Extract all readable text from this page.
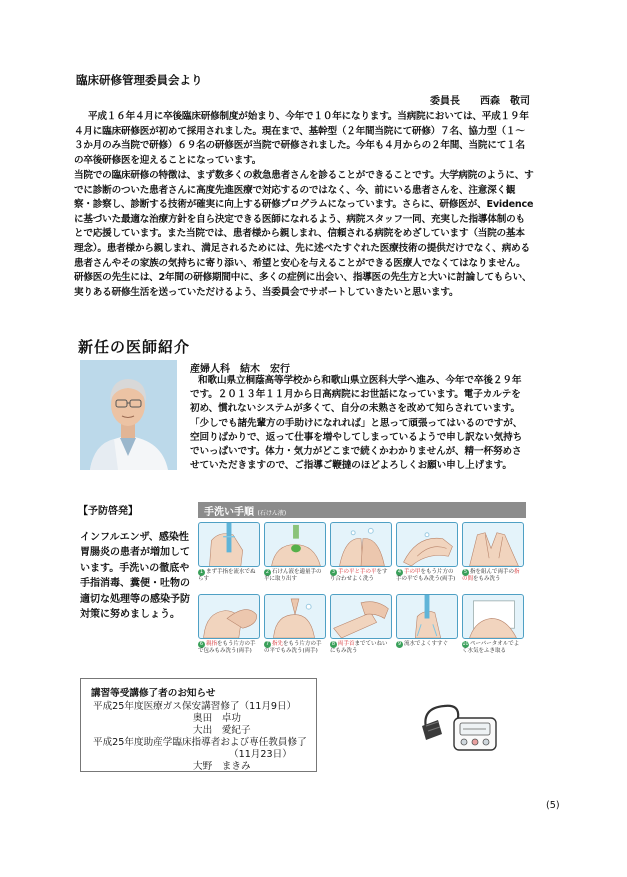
臨床研修管理委員会より
委員長 西森　敬司
平成１６年４月に卒後臨床研修制度が始まり、今年で１０年になります。当病院においては、平成１９年４月に臨床研修医が初めて採用されました。現在まで、基幹型（２年間当院にて研修）７名、協力型（１～３か月のみ当院で研修）６９名の研修医が当院で研修されました。今年も４月からの２年間、当院にて１名の卒後研修医を迎えることになっています。
当院での臨床研修の特徴は、まず数多くの救急患者さんを診ることができることです。大学病院のように、すでに診断のついた患者さんに高度先進医療で対応するのではなく、今、前にいる患者さんを、注意深く観察・診察し、診断する技術が確実に向上する研修プログラムになっています。さらに、研修医が、Evidenceに基づいた最適な治療方針を自ら決定できる医師になれるよう、病院スタッフ一同、充実した指導体制のもとで応援しています。また当院では、患者様から親しまれ、信頼される病院をめざしています（当院の基本理念）。患者様から親しまれ、満足されるためには、先に述べたすぐれた医療技術の提供だけでなく、病める患者さんやその家族の気持ちに寄り添い、希望と安心を与えることができる医療人でなくてはなりません。研修医の先生には、2年間の研修期間中に、多くの症例に出会い、指導医の先生方と大いに討論してもらい、実りある研修生活を送っていただけるよう、当委員会でサポートしていきたいと思います。
新任の医師紹介
産婦人科 結木　宏行
和歌山県立桐蔭高等学校から和歌山県立医科大学へ進み、今年で卒後２９年です。２０１３年１１月から日高病院にお世話になっています。電子カルテを初め、慣れないシステムが多くて、自分の未熟さを改めて知らされています。「少しでも諸先輩方の手助けになれれば」と思って頑張ってはいるのですが、空回りばかりで、返って仕事を増やしてしまっているようで申し訳ない気持ちでいっぱいです。体力・気力がどこまで続くかわかりませんが、精一杯努めさせていただきますので、ご指導ご鞭撻のほどよろしくお願い申し上げます。
【予防啓発】
インフルエンザ、感染性胃腸炎の患者が増加しています。手洗いの徹底や手指消毒、糞便・吐物の適切な処理等の感染予防対策に努めましょう。
手洗い手順 (石けん液)
1 まず手指を流水でぬらす
2 石けん液を適量手の平に取り出す
3 手の平と手の平をすり合わせよく洗う
4 手の甲をもう片方の手の平でもみ洗う(両手)
5 指を組んで両手の指の間をもみ洗う
6 親指をもう片方の手で包みもみ洗う(両手)
7 指先をもう片方の手の平でもみ洗う(両手)
8 両手首までていねいにもみ洗う
9 流水でよくすすぐ	10ペーパータオルでよく水気をふき取る
講習等受講修了者のお知らせ
平成25年度医療ガス保安講習修了（11月9日）
奥田　卓功
大出　愛紀子
平成25年度助産学臨床指導者および専任教員修了
（11月23日）
大野　まきみ
(5)
